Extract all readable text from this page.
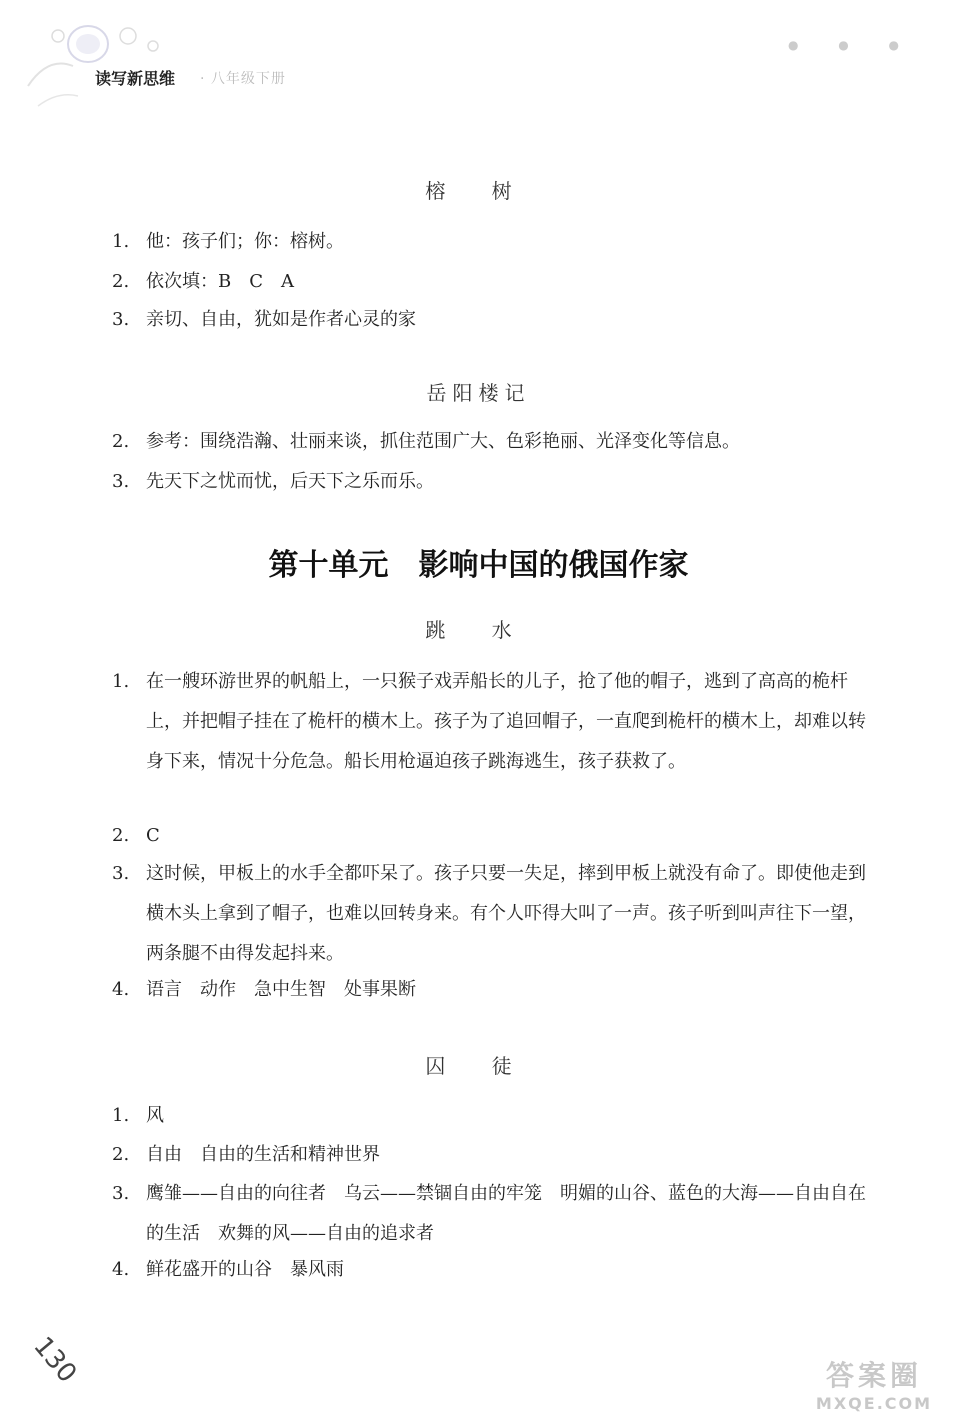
读写新思维 · 八年级下册
● ● ●
榕 树
1. 他：孩子们；你：榕树。
2. 依次填：B　C　A
3. 亲切、自由，犹如是作者心灵的家
岳阳楼记
2. 参考：围绕浩瀚、壮丽来谈，抓住范围广大、色彩艳丽、光泽变化等信息。
3. 先天下之忧而忧，后天下之乐而乐。
第十单元　影响中国的俄国作家
跳 水
1. 在一艘环游世界的帆船上，一只猴子戏弄船长的儿子，抢了他的帽子，逃到了高高的桅杆上，并把帽子挂在了桅杆的横木上。孩子为了追回帽子，一直爬到桅杆的横木上，却难以转身下来，情况十分危急。船长用枪逼迫孩子跳海逃生，孩子获救了。
2. C
3. 这时候，甲板上的水手全都吓呆了。孩子只要一失足，摔到甲板上就没有命了。即使他走到横木头上拿到了帽子，也难以回转身来。有个人吓得大叫了一声。孩子听到叫声往下一望，两条腿不由得发起抖来。
4. 语言　动作　急中生智　处事果断
囚 徒
1. 风
2. 自由　自由的生活和精神世界
3. 鹰雏——自由的向往者　乌云——禁锢自由的牢笼　明媚的山谷、蓝色的大海——自由自在的生活　欢舞的风——自由的追求者
4. 鲜花盛开的山谷　暴风雨
130	答案圈
MXQE.COM
